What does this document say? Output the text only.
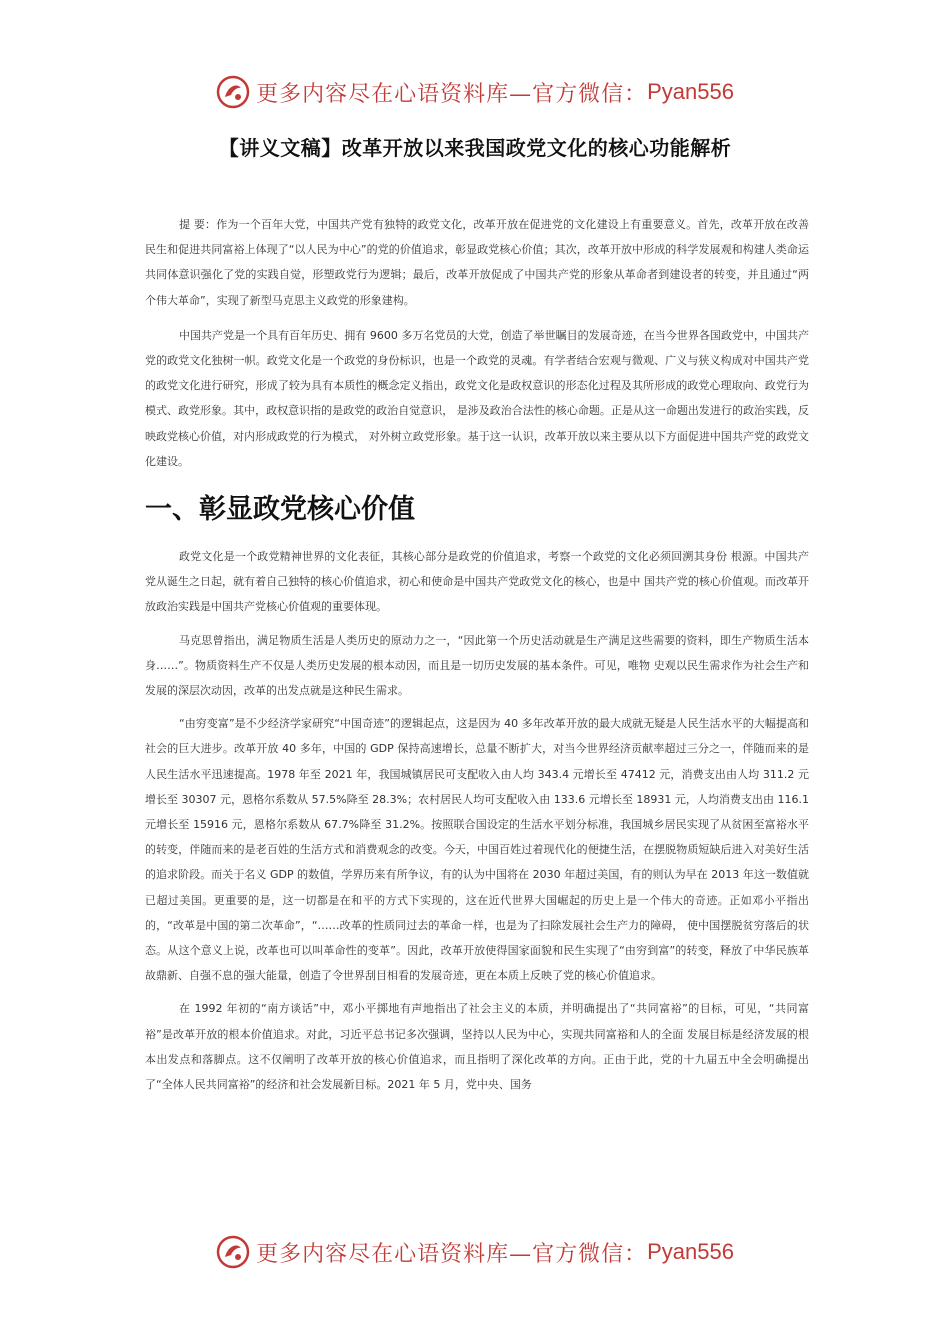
更多内容尽在心语资料库—官方微信： Pyan556
【讲义文稿】改革开放以来我国政党文化的核心功能解析

提 要：作为一个百年大党，中国共产党有独特的政党文化，改革开放在促进党的文化建设上有重要意义。首先，改革开放在改善民生和促进共同富裕上体现了“以人民为中心”的党的价值追求，彰显政党核心价值；其次，改革开放中形成的科学发展观和构建人类命运共同体意识强化了党的实践自觉，形塑政党行为逻辑；最后，改革开放促成了中国共产党的形象从革命者到建设者的转变，并且通过“两个伟大革命”，实现了新型马克思主义政党的形象建构。

中国共产党是一个具有百年历史、拥有 9600 多万名党员的大党，创造了举世瞩目的发展奇迹，在当今世界各国政党中，中国共产党的政党文化独树一帜。政党文化是一个政党的身份标识，也是一个政党的灵魂。有学者结合宏观与微观、广义与狭义构成对中国共产党的政党文化进行研究，形成了较为具有本质性的概念定义指出，政党文化是政权意识的形态化过程及其所形成的政党心理取向、政党行为模式、政党形象。其中，政权意识指的是政党的政治自觉意识， 是涉及政治合法性的核心命题。正是从这一命题出发进行的政治实践，反映政党核心价值，对内形成政党的行为模式， 对外树立政党形象。基于这一认识，改革开放以来主要从以下方面促进中国共产党的政党文化建设。

一、彰显政党核心价值

政党文化是一个政党精神世界的文化表征，其核心部分是政党的价值追求，考察一个政党的文化必须回溯其身份 根源。中国共产党从诞生之日起，就有着自己独特的核心价值追求，初心和使命是中国共产党政党文化的核心，也是中 国共产党的核心价值观。而改革开放政治实践是中国共产党核心价值观的重要体现。

马克思曾指出，满足物质生活是人类历史的原动力之一，“因此第一个历史活动就是生产满足这些需要的资料，即生产物质生活本身……”。物质资料生产不仅是人类历史发展的根本动因，而且是一切历史发展的基本条件。可见，唯物 史观以民生需求作为社会生产和发展的深层次动因，改革的出发点就是这种民生需求。

“由穷变富”是不少经济学家研究“中国奇迹”的逻辑起点，这是因为 40 多年改革开放的最大成就无疑是人民生活水平的大幅提高和社会的巨大进步。改革开放 40 多年，中国的 GDP 保持高速增长，总量不断扩大，对当今世界经济贡献率超过三分之一，伴随而来的是人民生活水平迅速提高。1978 年至 2021 年，我国城镇居民可支配收入由人均 343.4 元增长至 47412 元，消费支出由人均 311.2 元增长至 30307 元，恩格尔系数从 57.5%降至 28.3%；农村居民人均可支配收入由 133.6 元增长至 18931 元，人均消费支出由 116.1 元增长至 15916 元，恩格尔系数从 67.7%降至 31.2%。按照联合国设定的生活水平划分标准，我国城乡居民实现了从贫困至富裕水平的转变，伴随而来的是老百姓的生活方式和消费观念的改变。今天，中国百姓过着现代化的便捷生活，在摆脱物质短缺后进入对美好生活的追求阶段。而关于名义 GDP 的数值，学界历来有所争议，有的认为中国将在 2030 年超过美国，有的则认为早在 2013 年这一数值就已超过美国。更重要的是，这一切都是在和平的方式下实现的，这在近代世界大国崛起的历史上是一个伟大的奇迹。正如邓小平指出的，“改革是中国的第二次革命”，“……改革的性质同过去的革命一样，也是为了扫除发展社会生产力的障碍， 使中国摆脱贫穷落后的状态。从这个意义上说，改革也可以叫革命性的变革”。因此，改革开放使得国家面貌和民生实现了“由穷到富”的转变，释放了中华民族革故鼎新、自强不息的强大能量，创造了令世界刮目相看的发展奇迹，更在本质上反映了党的核心价值追求。

在 1992 年初的“南方谈话”中，邓小平掷地有声地指出了社会主义的本质，并明确提出了“共同富裕”的目标，可见，“共同富裕”是改革开放的根本价值追求。对此，习近平总书记多次强调，坚持以人民为中心，实现共同富裕和人的全面 发展目标是经济发展的根本出发点和落脚点。这不仅阐明了改革开放的核心价值追求，而且指明了深化改革的方向。正由于此，党的十九届五中全会明确提出了“全体人民共同富裕”的经济和社会发展新目标。2021 年 5 月，党中央、国务

更多内容尽在心语资料库—官方微信： Pyan556
